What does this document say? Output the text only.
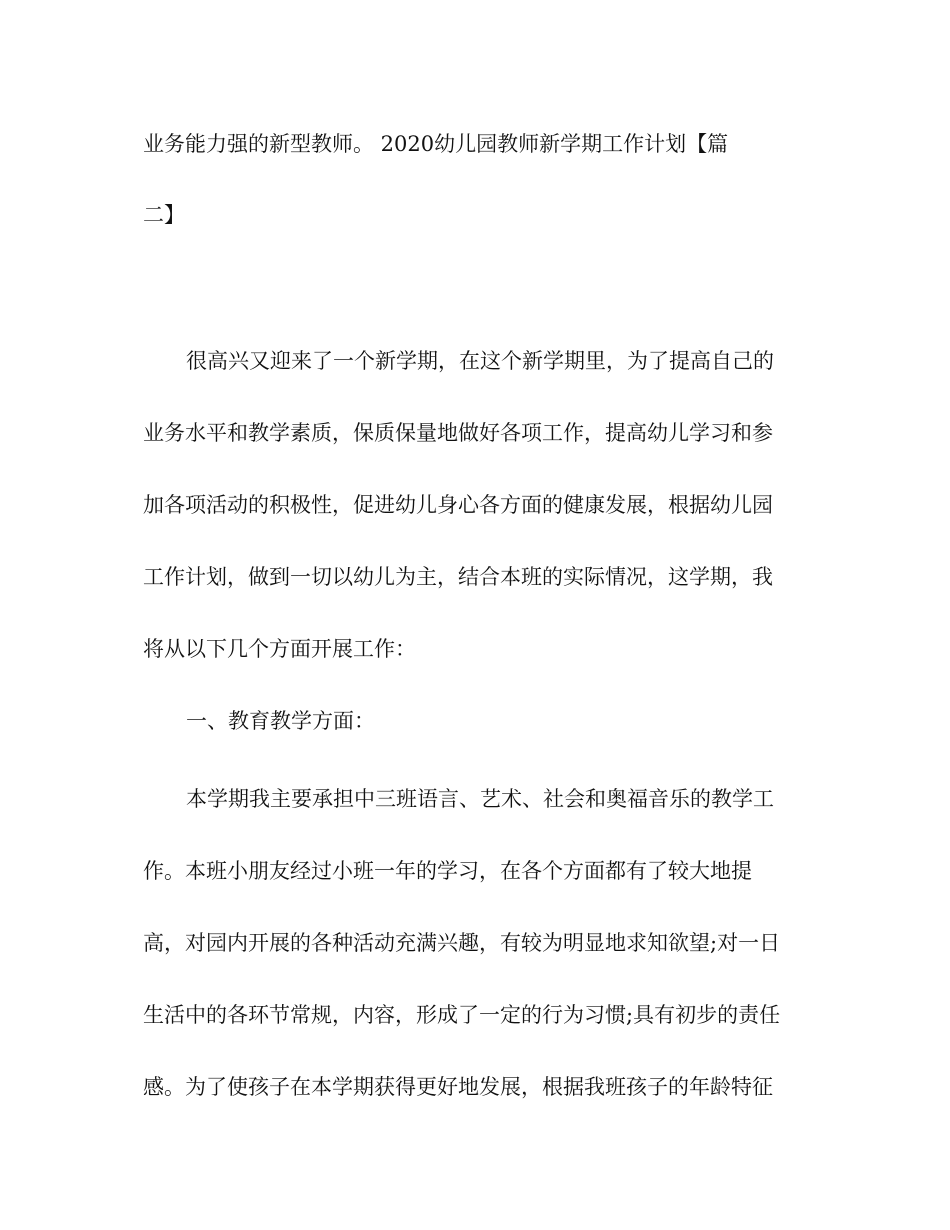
业务能力强的新型教师。 2020幼儿园教师新学期工作计划【篇
二】
很高兴又迎来了一个新学期，在这个新学期里，为了提高自己的
业务水平和教学素质，保质保量地做好各项工作，提高幼儿学习和参
加各项活动的积极性，促进幼儿身心各方面的健康发展，根据幼儿园
工作计划，做到一切以幼儿为主，结合本班的实际情况，这学期，我
将从以下几个方面开展工作：
一、教育教学方面：
本学期我主要承担中三班语言、艺术、社会和奥福音乐的教学工
作。本班小朋友经过小班一年的学习，在各个方面都有了较大地提
高，对园内开展的各种活动充满兴趣，有较为明显地求知欲望;对一日
生活中的各环节常规，内容，形成了一定的行为习惯;具有初步的责任
感。为了使孩子在本学期获得更好地发展，根据我班孩子的年龄特征
